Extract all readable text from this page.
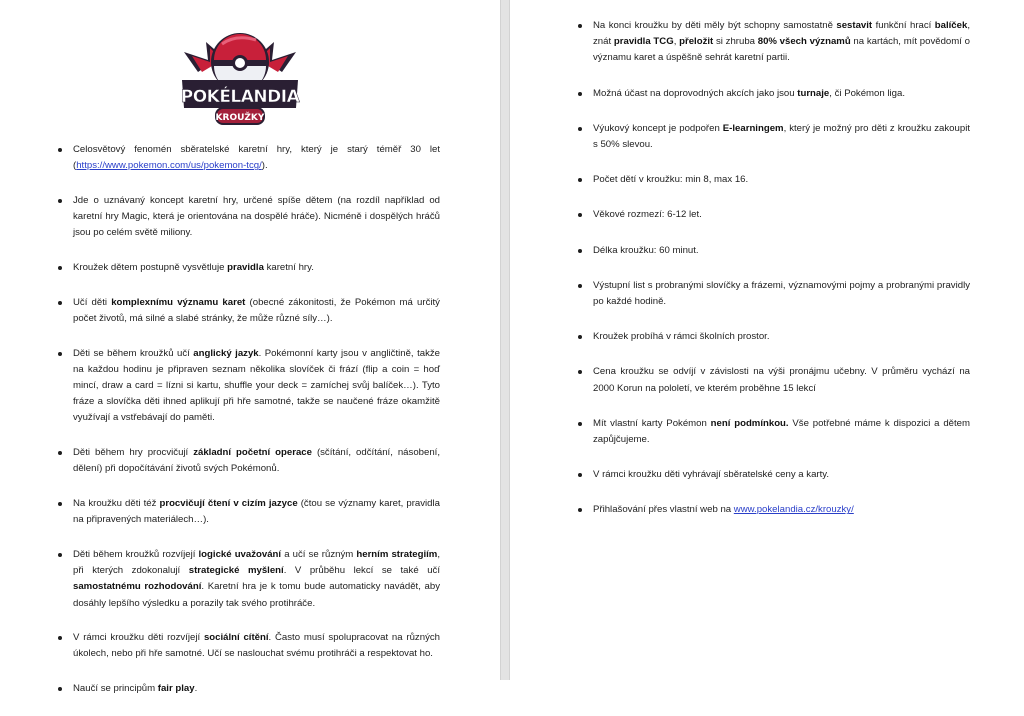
POKÉLANDIA
KROUŽKY
Celosvětový fenomén sběratelské karetní hry, který je starý téměř 30 let (https://www.pokemon.com/us/pokemon-tcg/).
Jde o uznávaný koncept karetní hry, určené spíše dětem (na rozdíl například od karetní hry Magic, která je orientována na dospělé hráče). Nicméně i dospělých hráčů jsou po celém světě miliony.
Kroužek dětem postupně vysvětluje pravidla karetní hry.
Učí děti komplexnímu významu karet (obecné zákonitosti, že Pokémon má určitý počet životů, má silné a slabé stránky, že může různé síly…).
Děti se během kroužků učí anglický jazyk. Pokémonní karty jsou v angličtině, takže na každou hodinu je připraven seznam několika slovíček či frází (flip a coin = hoď mincí, draw a card = lízni si kartu, shuffle your deck = zamíchej svůj balíček…). Tyto fráze a slovíčka děti ihned aplikují při hře samotné, takže se naučené fráze okamžitě využívají a vstřebávají do paměti.
Děti během hry procvičují základní početní operace (sčítání, odčítání, násobení, dělení) při dopočítávání životů svých Pokémonů.
Na kroužku děti též procvičují čtení v cizím jazyce (čtou se významy karet, pravidla na připravených materiálech…).
Děti během kroužků rozvíjejí logické uvažování a učí se různým herním strategiím, při kterých zdokonalují strategické myšlení. V průběhu lekcí se také učí samostatnému rozhodování. Karetní hra je k tomu bude automaticky navádět, aby dosáhly lepšího výsledku a porazily tak svého protihráče.
V rámci kroužku děti rozvíjejí sociální cítění. Často musí spolupracovat na různých úkolech, nebo při hře samotné. Učí se naslouchat svému protihráči a respektovat ho.
Naučí se principům fair play.
Na konci kroužku by děti měly být schopny samostatně sestavit funkční hrací balíček, znát pravidla TCG, přeložit si zhruba 80% všech významů na kartách, mít povědomí o významu karet a úspěšně sehrát karetní partii.
Možná účast na doprovodných akcích jako jsou turnaje, či Pokémon liga.
Výukový koncept je podpořen E-learningem, který je možný pro děti z kroužku zakoupit s 50% slevou.
Počet dětí v kroužku: min 8, max 16.
Věkové rozmezí: 6-12 let.
Délka kroužku: 60 minut.
Výstupní list s probranými slovíčky a frázemi, významovými pojmy a probranými pravidly po každé hodině.
Kroužek probíhá v rámci školních prostor.
Cena kroužku se odvíjí v závislosti na výši pronájmu učebny. V průměru vychází na 2000 Korun na pololetí, ve kterém proběhne 15 lekcí
Mít vlastní karty Pokémon není podmínkou. Vše potřebné máme k dispozici a dětem zapůjčujeme.
V rámci kroužku děti vyhrávají sběratelské ceny a karty.
Přihlašování přes vlastní web na www.pokelandia.cz/krouzky/
